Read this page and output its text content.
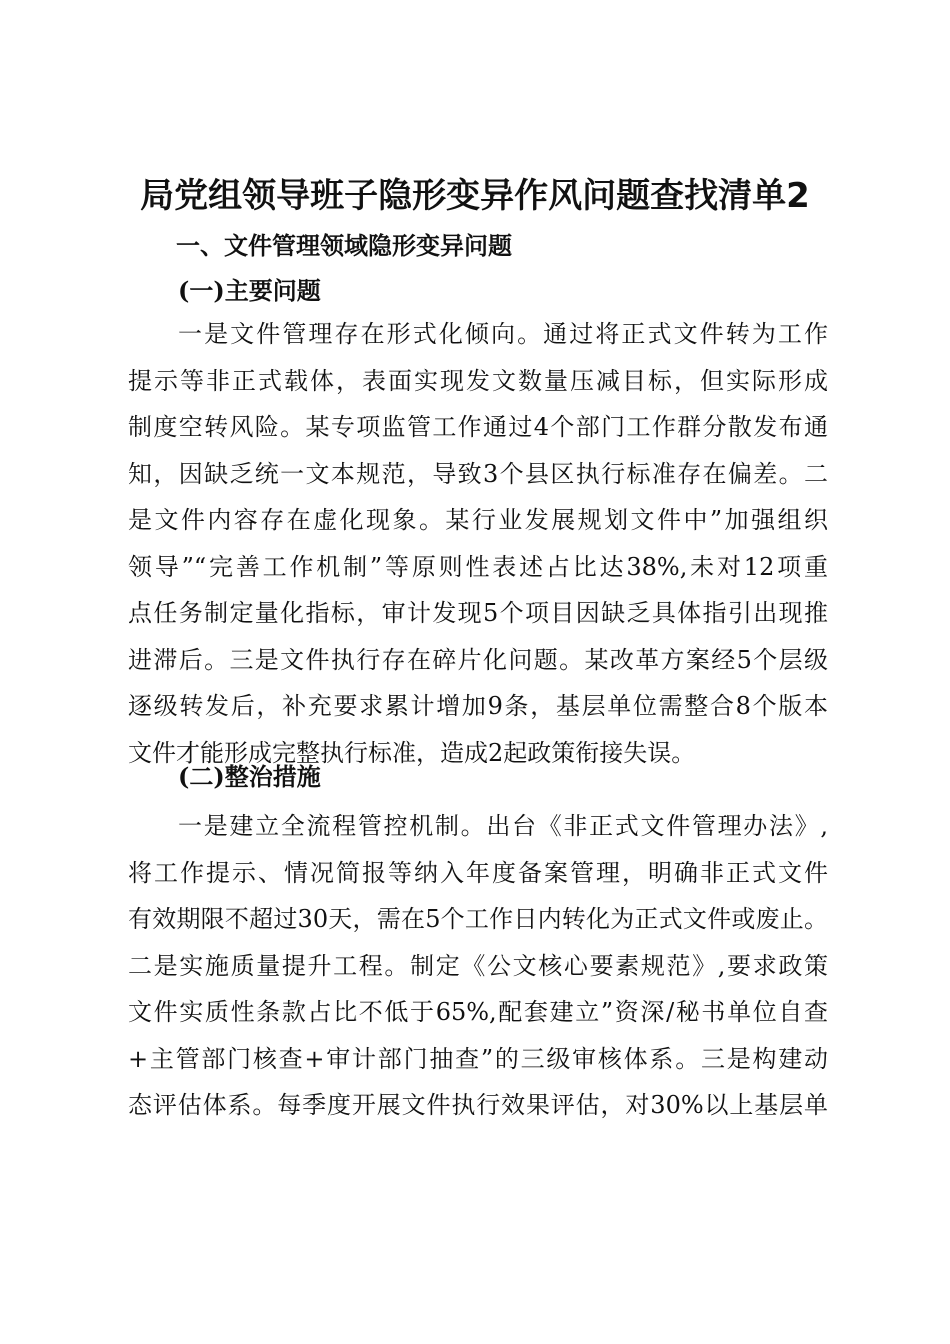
局党组领导班子隐形变异作风问题查找清单2
一、文件管理领域隐形变异问题
(一)主要问题
一是文件管理存在形式化倾向。通过将正式文件转为工作
提示等非正式载体，表面实现发文数量压减目标，但实际形成
制度空转风险。某专项监管工作通过4个部门工作群分散发布通
知，因缺乏统一文本规范，导致3个县区执行标准存在偏差。二
是文件内容存在虚化现象。某行业发展规划文件中”加强组织
领导”“完善工作机制”等原则性表述占比达38%,未对12项重
点任务制定量化指标，审计发现5个项目因缺乏具体指引出现推
进滞后。三是文件执行存在碎片化问题。某改革方案经5个层级
逐级转发后，补充要求累计增加9条，基层单位需整合8个版本
文件才能形成完整执行标准，造成2起政策衔接失误。
(二)整治措施
一是建立全流程管控机制。出台《非正式文件管理办法》,
将工作提示、情况简报等纳入年度备案管理，明确非正式文件
有效期限不超过30天，需在5个工作日内转化为正式文件或废止。
二是实施质量提升工程。制定《公文核心要素规范》,要求政策
文件实质性条款占比不低于65%,配套建立”资深/秘书单位自查
+主管部门核查+审计部门抽查”的三级审核体系。三是构建动
态评估体系。每季度开展文件执行效果评估，对30%以上基层单
